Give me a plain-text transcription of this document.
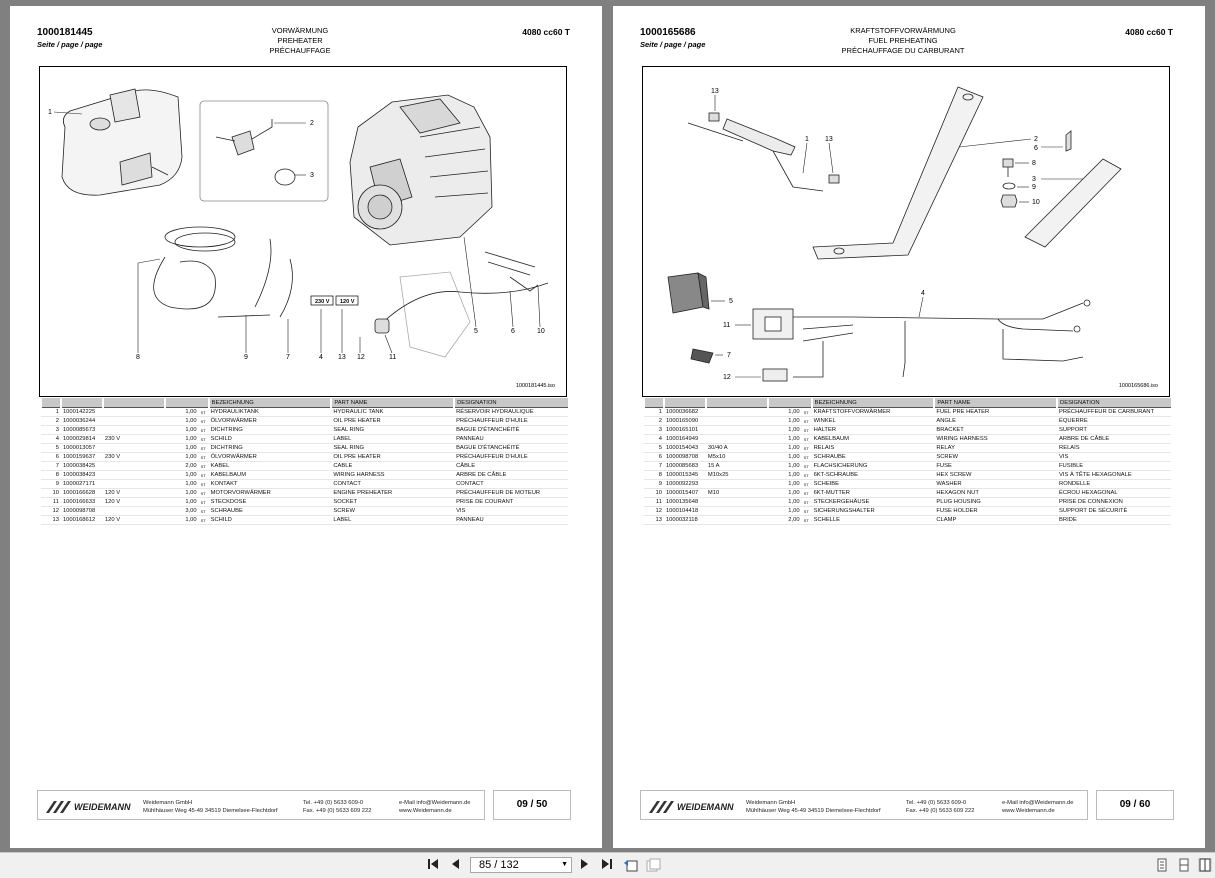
1000181445
Seite / page / page
VORWÄRMUNG
PREHEATER
PRÉCHAUFFAGE
4080 cc60 T
1
2
3
8	9	7	4 13 12	11
5	6	10
230 V 120 V
1000181445.iso
					BEZEICHNUNG	PART NAME	DESIGNATION
1	1000142225		1,00	ST	HYDRAULIKTANK	HYDRAULIC TANK	RÉSERVOIR HYDRAULIQUE
2	1000036244		1,00	ST	ÖLVORWÄRMER	OIL PRE HEATER	PRÉCHAUFFEUR D'HUILE
3	1000085673		1,00	ST	DICHTRING	SEAL RING	BAGUE D'ÉTANCHÉITÉ
4	1000029814	230 V	1,00	ST	SCHILD	LABEL	PANNEAU
5	1000013057		1,00	ST	DICHTRING	SEAL RING	BAGUE D'ÉTANCHÉITÉ
6	1000159637	230 V	1,00	ST	ÖLVORWÄRMER	OIL PRE HEATER	PRÉCHAUFFEUR D'HUILE
7	1000038425		2,00	ST	KABEL	CABLE	CÂBLE
8	1000038423		1,00	ST	KABELBAUM	WIRING HARNESS	ARBRE DE CÂBLE
9	1000027171		1,00	ST	KONTAKT	CONTACT	CONTACT
10	1000166628	120 V	1,00	ST	MOTORVORWÄRMER	ENGINE PREHEATER	PRÉCHAUFFEUR DE MOTEUR
11	1000166633	120 V	1,00	ST	STECKDOSE	SOCKET	PRISE DE COURANT
12	1000098708		3,00	ST	SCHRAUBE	SCREW	VIS
13	1000168612	120 V	1,00	ST	SCHILD	LABEL	PANNEAU
WEIDEMANN Weidemann GmbH
Mühlhäuser Weg 45-49 34519 Diemelsee-Flechtdorf
Tel. +49 (0) 5633 609-0
Fax. +49 (0) 5633 609 222
e-Mail info@Weidemann.de
www.Weidemann.de
09 / 50
1000165686
Seite / page / page
KRAFTSTOFFVORWÄRMUNG
FUEL PREHEATING
PRÉCHAUFFAGE DU CARBURANT
4080 cc60 T
13
1 13	2
6
8
3
9
10
5
4
11
7
12
1000165686.iso
					BEZEICHNUNG	PART NAME	DESIGNATION
1	1000036682		1,00	ST	KRAFTSTOFFVORWÄRMER	FUEL PRE HEATER	PRÉCHAUFFEUR DE CARBURANT
2	1000165090		1,00	ST	WINKEL	ANGLE	ÉQUERRE
3	1000165101		1,00	ST	HALTER	BRACKET	SUPPORT
4	1000164949		1,00	ST	KABELBAUM	WIRING HARNESS	ARBRE DE CÂBLE
5	1000154043	30/40 A	1,00	ST	RELAIS	RELAY	RELAIS
6	1000098708	M5x10	1,00	ST	SCHRAUBE	SCREW	VIS
7	1000085683	15 A	1,00	ST	FLACHSICHERUNG	FUSE	FUSIBLE
8	1000015345	M10x25	1,00	ST	6KT-SCHRAUBE	HEX SCREW	VIS À TÊTE HEXAGONALE
9	1000092293		1,00	ST	SCHEIBE	WASHER	RONDELLE
10	1000015407	M10	1,00	ST	6KT-MUTTER	HEXAGON NUT	ÉCROU HEXAGONAL
11	1000135648		1,00	ST	STECKERGEHÄUSE	PLUG HOUSING	PRISE DE CONNEXION
12	1000104418		1,00	ST	SICHERUNGSHALTER	FUSE HOLDER	SUPPORT DE SÉCURITÉ
13	1000032118		2,00	ST	SCHELLE	CLAMP	BRIDE
WEIDEMANN Weidemann GmbH
Mühlhäuser Weg 45-49 34519 Diemelsee-Flechtdorf
Tel. +49 (0) 5633 609-0
Fax. +49 (0) 5633 609 222
e-Mail info@Weidemann.de
www.Weidemann.de
09 / 60
85 / 132	▼
